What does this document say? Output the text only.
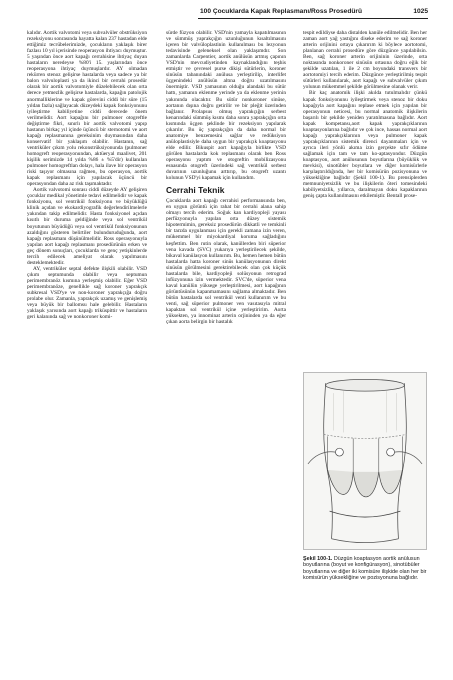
100 Çocuklarda Kapak Replasmanı/Ross Prosedürü	1025

kalıdır. Aortik valvotomi veya subvalvüler obstrüksiyon rezeksiyonu sonrasında hayatta kalan 237 hastadan elde ettiğimiz tecrübelerimizde, çocukların yaklaşık birer fazlası 10 yıl içerisinde reoperasyon ihtiyacı duymuştur. 5 yaşından önce aort kapağı cerrahisine ihtiyaç duyan hastaların neredeyse %80'i 15. yaşlarından önce reoperasyona ihtiyaç duymuşlardır. AY olmadan rekürren stenoz gelişirse hastalarda veya sadece ya bir balon valvuloplasti ya da ikinci bir cerrahi prosedür olarak bir aortik valvotomiyle düzelebilecek olan orta derece yetmezlik gelişirse hastalarda, kapağın patolojik anormalliklerine ve kapak görevini ciddi bir süre (15 yıldan fazla) sağlayacak düzeydeki kapak fonksiyonunu iyileştirme kabiliyetine ciddi derecede önem verilmelidir. Aort kapağını bir pulmoner otogreftle değiştirme fikri, sınırlı bir aortik valvotomi yapıp hastanın birkaç yıl içinde üçüncü bir sternotomi ve aort kapağı replasmanına gereksinim duymasından daha konservatif bir yaklaşım olabilir. Hastanın, sağ ventriküler çıkım yolu rekonstrüksiyonunda (pulmoner homogreft reoperasyonundan, aktüeryal maalivet, 201 kişilik serimizde 14 yılda %86 ± %5'dir) kullanılan pulmoner homogreftlan dolayı, hala ilave bir operasyon riski taşıyor olmasına rağmen, bu operasyon, aortik kapak replasmanı için yapılacak üçüncü bir operasyondan daha az risk taşımaktadır.

Aortik valvotomi sonrası ciddi düzeyde AY gelişiren çocuklar medikal yönetimle tedavi edilmelidir ve kapak fonksiyonu, sol ventrikül fonksiyonu ve büyüklüğü klinik açıdan ve ekokardiyografik değerlendirilmelerle yakından takip edilmelidir. Hasta fonksiyonel açıdan kısıtlı bir duruma geldiğinde veya sol ventrikül boyutunun büyüdüğü veya sol ventrikül fonksiyonunun azaldığını gösteren belirtiler bulunduruduğunda, aort kapağı replasmanı düşünülmelidir. Ross operasyonuyla yapılan aort kapağı replasmanı prosedürünün erken ve geç dönem sonuçları, çocuklarda ve genç yetişkinlerde tercih edilecek ameliyat olarak yapılmasını desteklemektedir.

AY, ventriküler septal defekte ilişkili olabilir. VSD çıkım septumunda olabilir veya septumun perimembranöz kısmına yerleşmiş olabilir. Eğer VSD perimembranöze, genellikle sağ koroner yaprakçık subkresal VSD'ye ve non-koroner yaprakçığa doğru prolabe olur. Zamanla, yaprakçık uzamış ve genişlemiş veya büyük bir ballomsu hale gelebilir. Hastaların yaklaşık yarısında aort kapağı triküspittir ve hastaların geri kalanında sağ ve nonkoroner komi-

sürde füzyon olabilir. VSD'nin yamayla kapatılmasının ve sümmüş yaprakçığın uzunluğunun kısaltılmasını içeren bir valvüloplastinin kullanılması bu lezyonun tedavisinde geleneksel olan yaklaşımdır. Son zamanlarda Carpentier, aortik anülüsün artmış çapının VSD'nin mevcudiyetinden kaynaklandığını teşhis etmiştir ve çevresel purse dikişi sütürlerin, koroner sinüsün tabanındaki anülusa yerleştirilip, interlifet üçgenindeki anülüsün altına doğru uzatılmasını önermiştir. VSD yamasının olduğu alandaki bu sütür hattı, yamanın eklenme yerinde ya da eklenme yerinin yakınında olacaktır. Bu sütür nonkoroner sinüse, aortanın dışına doğru getirilir ve bir pleğit üzerinden bağlanır. Prolapsus olmuş yaprakçığın serbest kenarındaki sümmüş kısmı daha sonra yaprakçığın orta kısmında üçgen şeklinde bir rezeksiyon yapılarak çıkarılır. Bu üç yaprakçığın da daha normal bir anatomiye benzemesini sağlar ve redüksiyon anüloplastisiyle daha uygun bir yaprakçık koaptasyonu elde edilir. Bikuspit aort kapağıyla birlikte VSD görülen hastalarda kok replasmanı olarak ben Ross operasyonu yaptım ve otogreftin mobilizasyonu esnasında otogreft üzerindeki sağ ventrikül serbest duvarının uzunluğunu arttırıp, bu otogreft uzantı kolunun VSD'yi kapamak için kullandım.

Cerrahi Teknik

Çocuklarda aort kapağı cerrahisi performansında ben, en uygun görüntü için rahat bir cerrahi alana sahip olmayı tercih ederim. Soğuk kan kardiyopleji yayası perfüzyonuyla yapılan orta düzey sistemik hipotermimin, gereksiz prosedürün dikkatli ve temkinli bir tarzda uygulanması için gerekli zamana izin veren, mükemmel bir miyokardiyal koruma sağladığını keşfettim. Ben rutin olarak, kanüllerden biri süperior vena kavada (SVC) yukarıya yerleştirilecek şekilde, bikaval kanülasyon kullanırım. Bu, hemen hemen bütün hastalarda hatta koroner sinüs kanülasyonunun direkt sinüsün görülmesini gerektirebilecek olan çok küçük hastalarda bile, kardiyopleji solüsyonun retrograd infüzyonuna izin vermektedir. SVC'de, süperior vena kaval kanülün yüksege yerleştirilmesi, aort kapağının görüntüsünün kapanmamasını sağlama almaktadır. Ben bütün hastalarda sol ventrikül venti kullanırım ve bu venti, sağ süperior pulmoner ven vasıtasıyla mitral kapaktan sol ventrikül içine yerleştiririm. Aorta yüksekten, ya innominat arterin orjininden ya da eğer çıkan aorta belirgin bir hastalık

tespit edildiyse daha distalden kanüle edilmelidir. Ben her zaman aort yağ yastığını diseke ederim ve sağ koroner arterin orijinini ortaya çıkarırım ki böylece aortotomi, planlanan cerrahi prosedüre göre düzgünce yapılabilsin. Ben, sağ koroner arterin orijininin üzerinde, orta noktasında nonkoroner sinüsün ortasına doğru eğik bir şekilde uzatılan, 1 ile 2 cm boyundaki transvers bir aortotomiyi tercih ederim. Düzgünce yerleştirilmiş tespit sütürleri kullanılarak, aort kapağı ve subvalvüler çıkım yolunun mükemmel şekilde görülmesine olanak verir.

Bir kaç anatomik ilişki akılda tutulmalıdır çünkü kapak fonksiyonunu iyileştirmek veya stenoz bir doku kapağıyla aort kapağını replase etmek için yapılan bir operasyonun neticesi, bu normal anatomik ilişkilerin başarılı bir şekilde yeniden yaratılmasına bağlıdır. Aort kapak kompetansı,aort kapak yaprakçıklarının koaptasyonlarına bağlıdır ve çok ince, hassas normal aort kapağı yaprakçıklarının veya pulmoner kapak yaprakçıklarının sistemik direnci dayanmaları için ve ayrıca ileri yönlü akıma izin gerçekte sıfır ödüme sağlamak için tam ve tam ko-aptasyondur. Düzgün koaptasyon, aort anülusunun boyutlarına (büyüklük ve mevkisi), sinotübler boyutlara ve diğer komisürlerle karşılaştırıldığında, her bir komisürün pozisyonuna ve yüksekliğine bağlıdır (Şekil 100-1). Bu prensiplerden memnuniyetsizlik ve bu ilişkilerin öteri tomesindeki kabiliyetsizlik, yıllarca, daralmayan doku kapaklarının geniş çapta kullanılmasını etkilemiştir. Bentall prosе-

Şekil 100-1. Düzgün koaptasyon aortik anülusun boyutlarına (boyut ve konfigürasyon), sinotübüler boyutlarına ve diğer iki komisüre ilişkide olan her bir komisürün yüksekliğine ve pozisyonuna bağlıdır.
